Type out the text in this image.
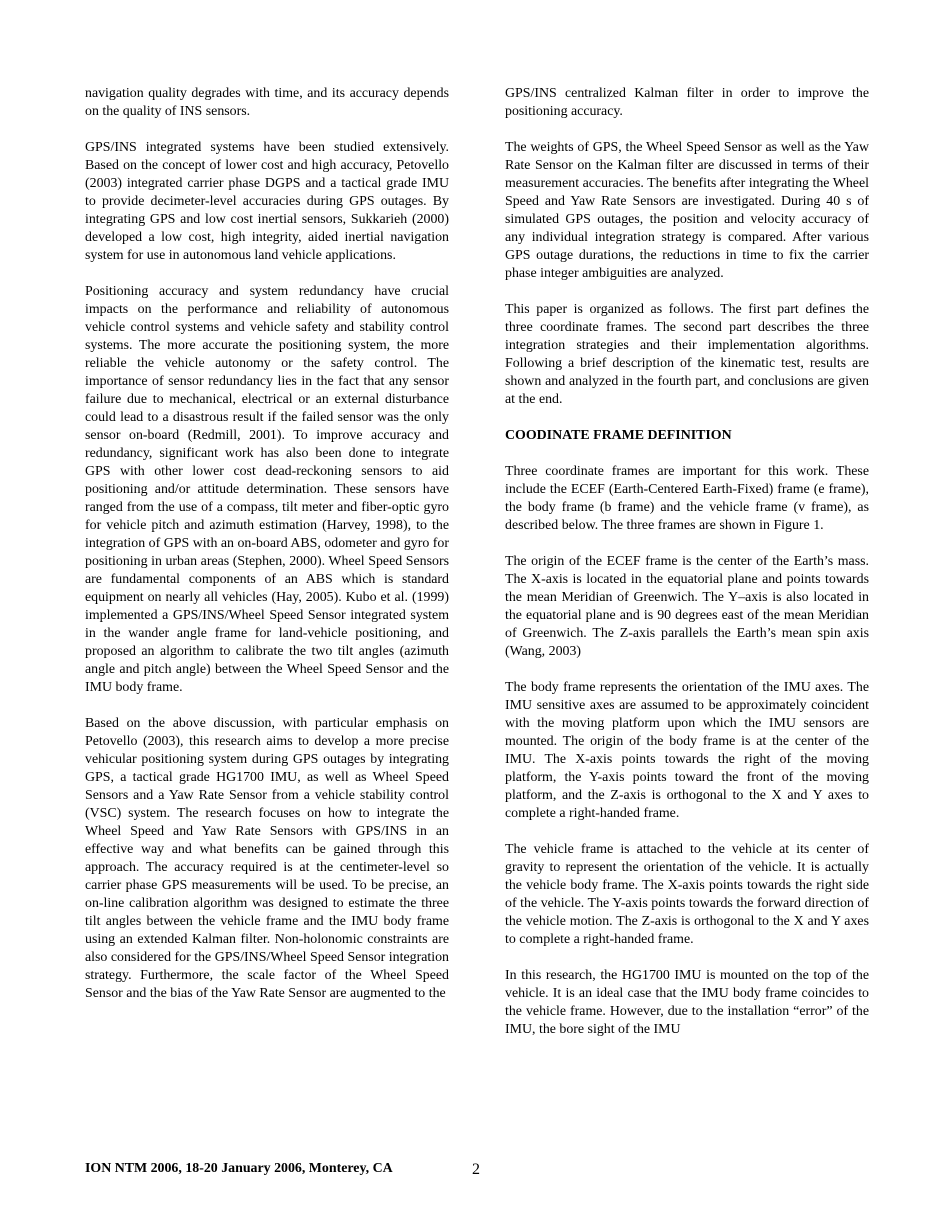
navigation quality degrades with time, and its accuracy depends on the quality of INS sensors.

GPS/INS integrated systems have been studied extensively. Based on the concept of lower cost and high accuracy, Petovello (2003) integrated carrier phase DGPS and a tactical grade IMU to provide decimeter-level accuracies during GPS outages. By integrating GPS and low cost inertial sensors, Sukkarieh (2000) developed a low cost, high integrity, aided inertial navigation system for use in autonomous land vehicle applications.

Positioning accuracy and system redundancy have crucial impacts on the performance and reliability of autonomous vehicle control systems and vehicle safety and stability control systems. The more accurate the positioning system, the more reliable the vehicle autonomy or the safety control. The importance of sensor redundancy lies in the fact that any sensor failure due to mechanical, electrical or an external disturbance could lead to a disastrous result if the failed sensor was the only sensor on-board (Redmill, 2001). To improve accuracy and redundancy, significant work has also been done to integrate GPS with other lower cost dead-reckoning sensors to aid positioning and/or attitude determination. These sensors have ranged from the use of a compass, tilt meter and fiber-optic gyro for vehicle pitch and azimuth estimation (Harvey, 1998), to the integration of GPS with an on-board ABS, odometer and gyro for positioning in urban areas (Stephen, 2000). Wheel Speed Sensors are fundamental components of an ABS which is standard equipment on nearly all vehicles (Hay, 2005). Kubo et al. (1999) implemented a GPS/INS/Wheel Speed Sensor integrated system in the wander angle frame for land-vehicle positioning, and proposed an algorithm to calibrate the two tilt angles (azimuth angle and pitch angle) between the Wheel Speed Sensor and the IMU body frame.

Based on the above discussion, with particular emphasis on Petovello (2003), this research aims to develop a more precise vehicular positioning system during GPS outages by integrating GPS, a tactical grade HG1700 IMU, as well as Wheel Speed Sensors and a Yaw Rate Sensor from a vehicle stability control (VSC) system. The research focuses on how to integrate the Wheel Speed and Yaw Rate Sensors with GPS/INS in an effective way and what benefits can be gained through this approach. The accuracy required is at the centimeter-level so carrier phase GPS measurements will be used. To be precise, an on-line calibration algorithm was designed to estimate the three tilt angles between the vehicle frame and the IMU body frame using an extended Kalman filter. Non-holonomic constraints are also considered for the GPS/INS/Wheel Speed Sensor integration strategy. Furthermore, the scale factor of the Wheel Speed Sensor and the bias of the Yaw Rate Sensor are augmented to the

GPS/INS centralized Kalman filter in order to improve the positioning accuracy.

The weights of GPS, the Wheel Speed Sensor as well as the Yaw Rate Sensor on the Kalman filter are discussed in terms of their measurement accuracies. The benefits after integrating the Wheel Speed and Yaw Rate Sensors are investigated. During 40 s of simulated GPS outages, the position and velocity accuracy of any individual integration strategy is compared. After various GPS outage durations, the reductions in time to fix the carrier phase integer ambiguities are analyzed.

This paper is organized as follows. The first part defines the three coordinate frames. The second part describes the three integration strategies and their implementation algorithms. Following a brief description of the kinematic test, results are shown and analyzed in the fourth part, and conclusions are given at the end.

COODINATE FRAME DEFINITION

Three coordinate frames are important for this work. These include the ECEF (Earth-Centered Earth-Fixed) frame (e frame), the body frame (b frame) and the vehicle frame (v frame), as described below. The three frames are shown in Figure 1.

The origin of the ECEF frame is the center of the Earth’s mass. The X-axis is located in the equatorial plane and points towards the mean Meridian of Greenwich. The Y–axis is also located in the equatorial plane and is 90 degrees east of the mean Meridian of Greenwich. The Z-axis parallels the Earth’s mean spin axis (Wang, 2003)

The body frame represents the orientation of the IMU axes. The IMU sensitive axes are assumed to be approximately coincident with the moving platform upon which the IMU sensors are mounted. The origin of the body frame is at the center of the IMU. The X-axis points towards the right of the moving platform, the Y-axis points toward the front of the moving platform, and the Z-axis is orthogonal to the X and Y axes to complete a right-handed frame.

The vehicle frame is attached to the vehicle at its center of gravity to represent the orientation of the vehicle. It is actually the vehicle body frame. The X-axis points towards the right side of the vehicle. The Y-axis points towards the forward direction of the vehicle motion. The Z-axis is orthogonal to the X and Y axes to complete a right-handed frame.

In this research, the HG1700 IMU is mounted on the top of the vehicle. It is an ideal case that the IMU body frame coincides to the vehicle frame. However, due to the installation “error” of the IMU, the bore sight of the IMU

ION NTM 2006, 18-20 January 2006, Monterey, CA	2
